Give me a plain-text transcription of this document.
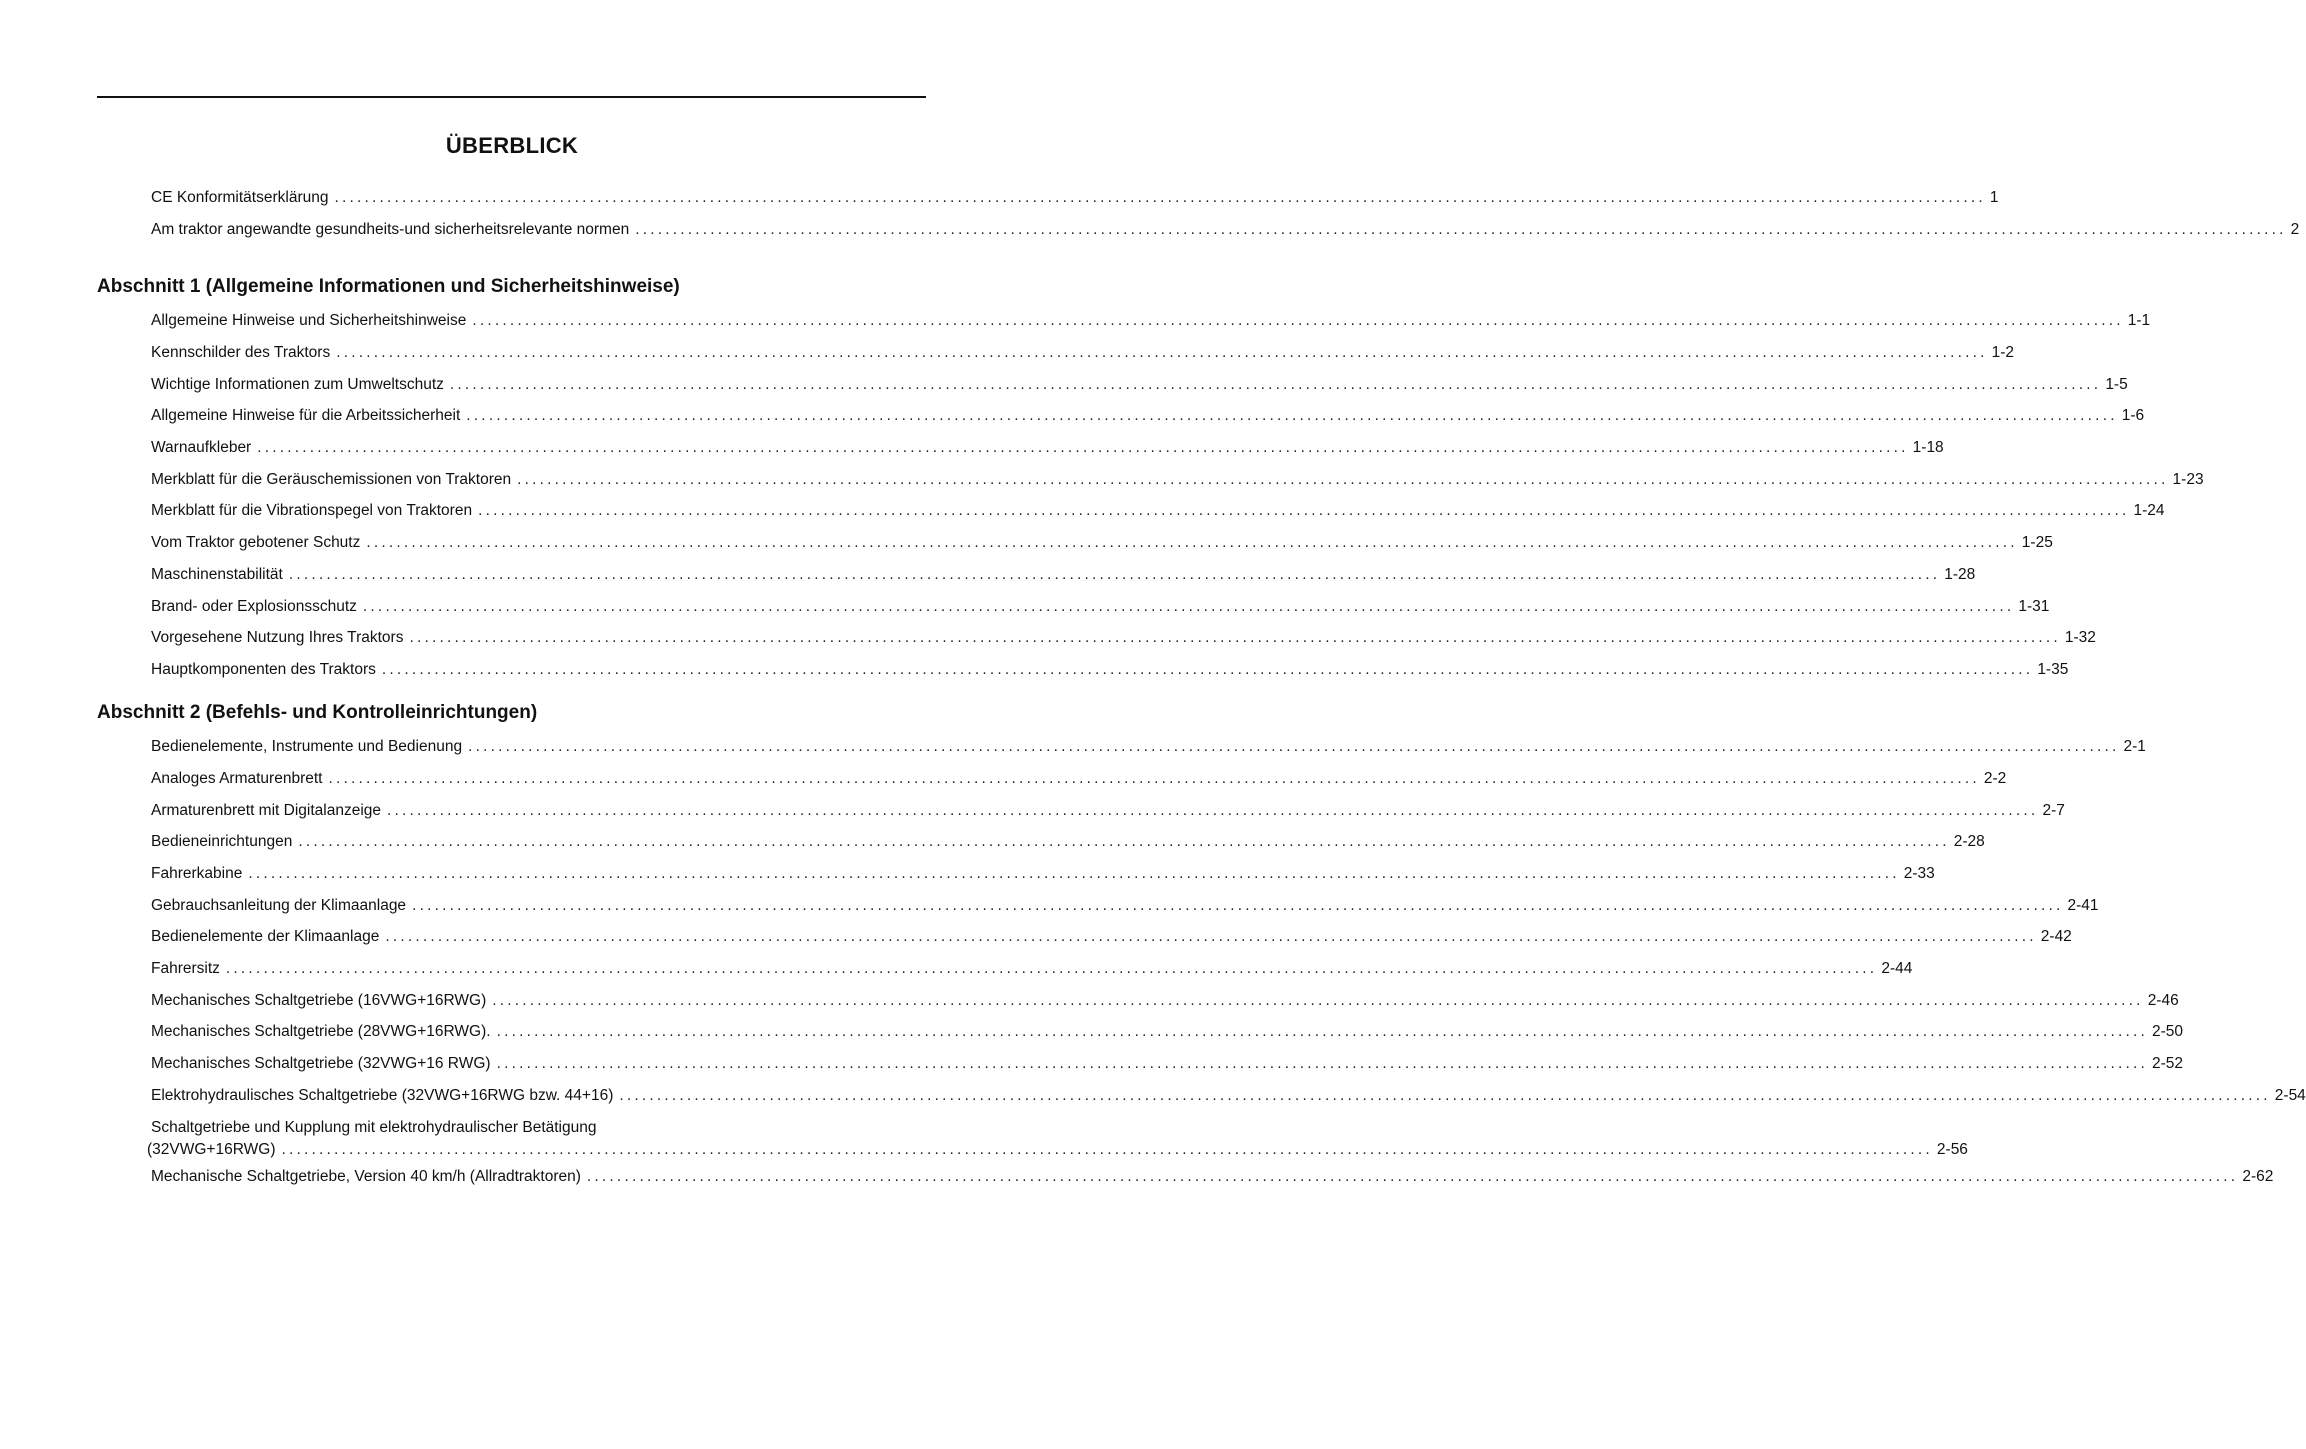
ÜBERBLICK
CE Konformitätserklärung ............................................................................................................................................................................................................................ 1
Am traktor angewandte gesundheits-und sicherheitsrelevante normen ............................................................................................................................................................................................................................ 2
Abschnitt 1 (Allgemeine Informationen und Sicherheitshinweise)
Allgemeine Hinweise und Sicherheitshinweise ............................................................................................................................................................................................................................ 1-1
Kennschilder des Traktors ............................................................................................................................................................................................................................ 1-2
Wichtige Informationen zum Umweltschutz ............................................................................................................................................................................................................................ 1-5
Allgemeine Hinweise für die Arbeitssicherheit ............................................................................................................................................................................................................................ 1-6
Warnaufkleber ............................................................................................................................................................................................................................ 1-18
Merkblatt für die Geräuschemissionen von Traktoren ............................................................................................................................................................................................................................ 1-23
Merkblatt für die Vibrationspegel von Traktoren ............................................................................................................................................................................................................................ 1-24
Vom Traktor gebotener Schutz ............................................................................................................................................................................................................................ 1-25
Maschinenstabilität ............................................................................................................................................................................................................................ 1-28
Brand- oder Explosionsschutz ............................................................................................................................................................................................................................ 1-31
Vorgesehene Nutzung Ihres Traktors ............................................................................................................................................................................................................................ 1-32
Hauptkomponenten des Traktors ............................................................................................................................................................................................................................ 1-35
Abschnitt 2 (Befehls- und Kontrolleinrichtungen)
Bedienelemente, Instrumente und Bedienung ............................................................................................................................................................................................................................ 2-1
Analoges Armaturenbrett ............................................................................................................................................................................................................................ 2-2
Armaturenbrett mit Digitalanzeige ............................................................................................................................................................................................................................ 2-7
Bedieneinrichtungen ............................................................................................................................................................................................................................ 2-28
Fahrerkabine ............................................................................................................................................................................................................................ 2-33
Gebrauchsanleitung der Klimaanlage ............................................................................................................................................................................................................................ 2-41
Bedienelemente der Klimaanlage ............................................................................................................................................................................................................................ 2-42
Fahrersitz ............................................................................................................................................................................................................................ 2-44
Mechanisches Schaltgetriebe (16VWG+16RWG) ............................................................................................................................................................................................................................ 2-46
Mechanisches Schaltgetriebe (28VWG+16RWG). ............................................................................................................................................................................................................................ 2-50
Mechanisches Schaltgetriebe (32VWG+16 RWG) ............................................................................................................................................................................................................................ 2-52
Elektrohydraulisches Schaltgetriebe (32VWG+16RWG bzw. 44+16) ............................................................................................................................................................................................................................ 2-54
Schaltgetriebe und Kupplung mit elektrohydraulischer Betätigung
(32VWG+16RWG) ............................................................................................................................................................................................................................ 2-56
Mechanische Schaltgetriebe, Version 40 km/h (Allradtraktoren) ............................................................................................................................................................................................................................ 2-62
